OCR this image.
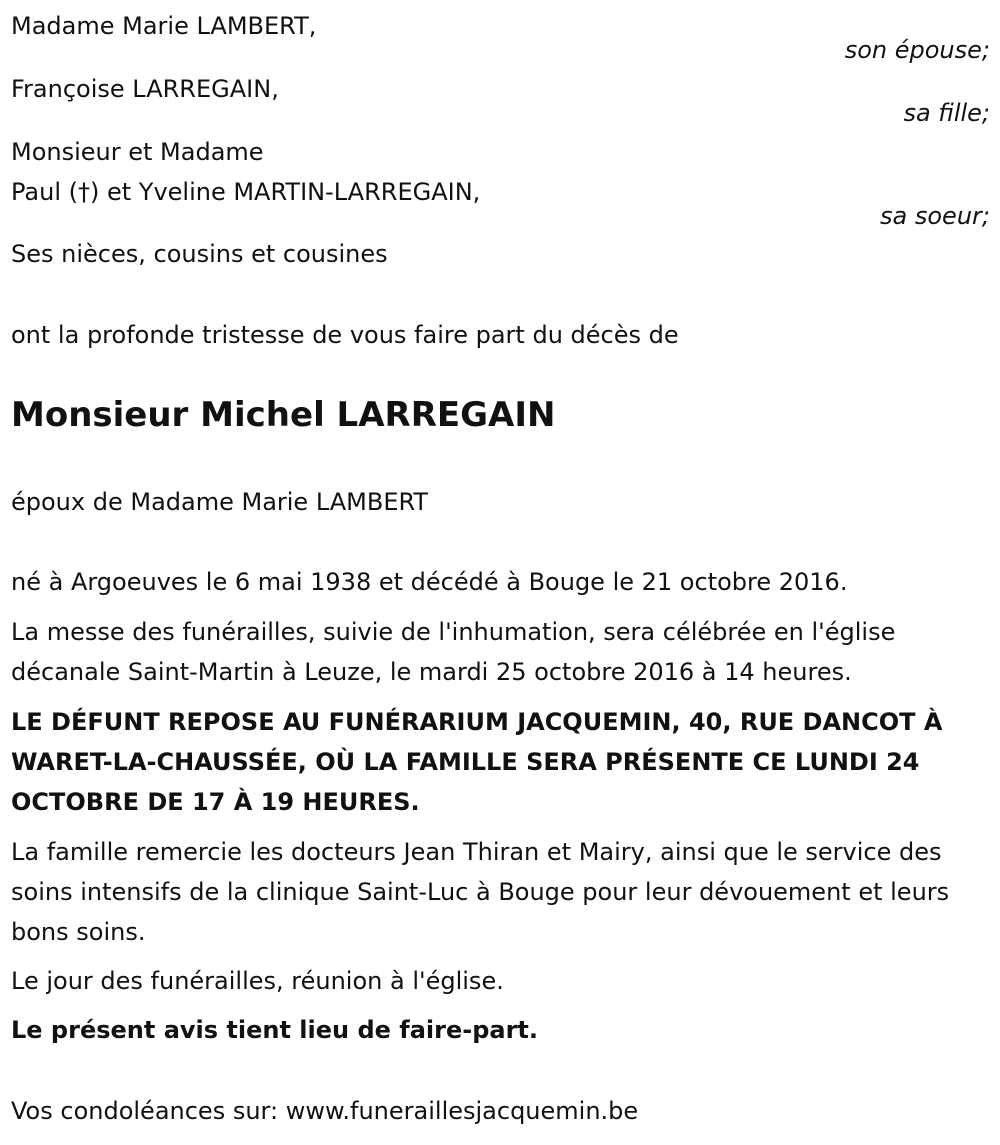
Madame Marie LAMBERT,
son épouse;
Françoise LARREGAIN,
sa fille;
Monsieur et Madame
Paul (†) et Yveline MARTIN-LARREGAIN,
sa soeur;
Ses nièces, cousins et cousines
ont la profonde tristesse de vous faire part du décès de
Monsieur Michel LARREGAIN
époux de Madame Marie LAMBERT
né à Argoeuves le 6 mai 1938 et décédé à Bouge le 21 octobre 2016.
La messe des funérailles, suivie de l'inhumation, sera célébrée en l'église décanale Saint-Martin à Leuze, le mardi 25 octobre 2016 à 14 heures.
LE DÉFUNT REPOSE AU FUNÉRARIUM JACQUEMIN, 40, RUE DANCOT À WARET-LA-CHAUSSÉE, OÙ LA FAMILLE SERA PRÉSENTE CE LUNDI 24 OCTOBRE DE 17 À 19 HEURES.
La famille remercie les docteurs Jean Thiran et Mairy, ainsi que le service des soins intensifs de la clinique Saint-Luc à Bouge pour leur dévouement et leurs bons soins.
Le jour des funérailles, réunion à l'église.
Le présent avis tient lieu de faire-part.
Vos condoléances sur: www.funeraillesjacquemin.be
